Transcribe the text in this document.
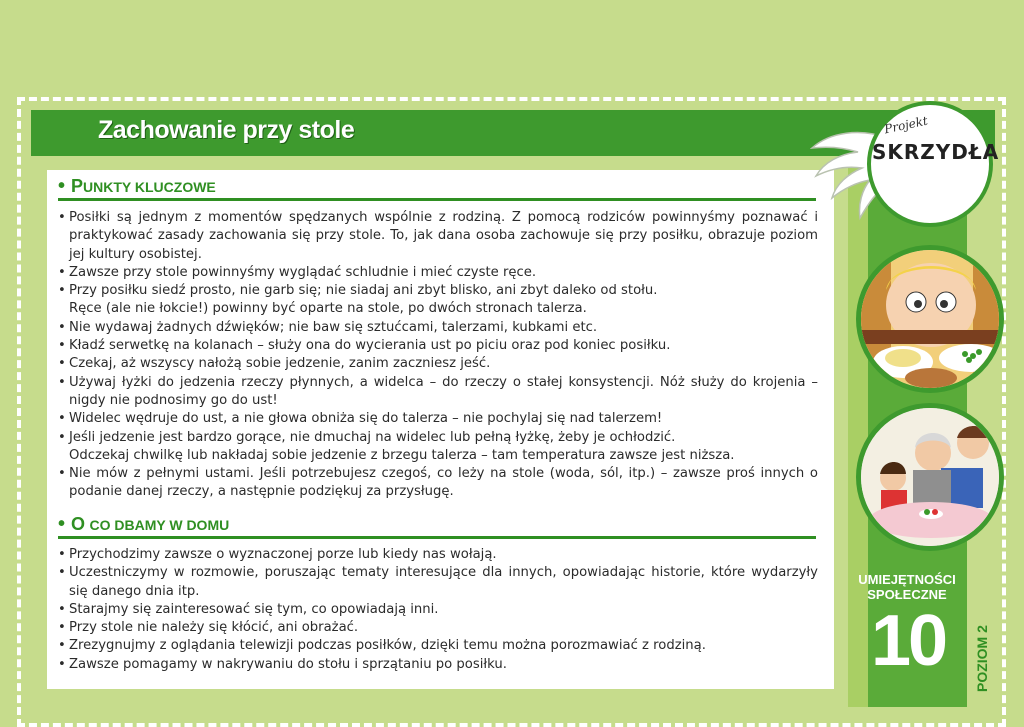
Zachowanie przy stole
• PUNKTY KLUCZOWE
• Posiłki są jednym z momentów spędzanych wspólnie z rodziną. Z pomocą rodziców powinnyśmy poznawać i praktykować zasady zachowania się przy stole. To, jak dana osoba zachowuje się przy posiłku, obrazuje poziom jej kultury osobistej.
• Zawsze przy stole powinnyśmy wyglądać schludnie i mieć czyste ręce.
• Przy posiłku siedź prosto, nie garb się; nie siadaj ani zbyt blisko, ani zbyt daleko od stołu.
Ręce (ale nie łokcie!) powinny być oparte na stole, po dwóch stronach talerza.
• Nie wydawaj żadnych dźwięków; nie baw się sztućcami, talerzami, kubkami etc.
• Kładź serwetkę na kolanach – służy ona do wycierania ust po piciu oraz pod koniec posiłku.
• Czekaj, aż wszyscy nałożą sobie jedzenie, zanim zaczniesz jeść.
• Używaj łyżki do jedzenia rzeczy płynnych, a widelca – do rzeczy o stałej konsystencji. Nóż służy do krojenia – nigdy nie podnosimy go do ust!
• Widelec wędruje do ust, a nie głowa obniża się do talerza – nie pochylaj się nad talerzem!
• Jeśli jedzenie jest bardzo gorące, nie dmuchaj na widelec lub pełną łyżkę, żeby je ochłodzić.
Odczekaj chwilkę lub nakładaj sobie jedzenie z brzegu talerza – tam temperatura zawsze jest niższa.
• Nie mów z pełnymi ustami. Jeśli potrzebujesz czegoś, co leży na stole (woda, sól, itp.) – zawsze proś innych o podanie danej rzeczy, a następnie podziękuj za przysługę.
• O CO DBAMY W DOMU
• Przychodzimy zawsze o wyznaczonej porze lub kiedy nas wołają.
• Uczestniczymy w rozmowie, poruszając tematy interesujące dla innych, opowiadając historie, które wydarzyły się danego dnia itp.
• Starajmy się zainteresować się tym, co opowiadają inni.
• Przy stole nie należy się kłócić, ani obrażać.
• Zrezygnujmy z oglądania telewizji podczas posiłków, dzięki temu można porozmawiać z rodziną.
• Zawsze pomagamy w nakrywaniu do stołu i sprzątaniu po posiłku.
Projekt
SKRZYDŁA
UMIEJĘTNOŚCI
SPOŁECZNE
10	POZIOM 2
